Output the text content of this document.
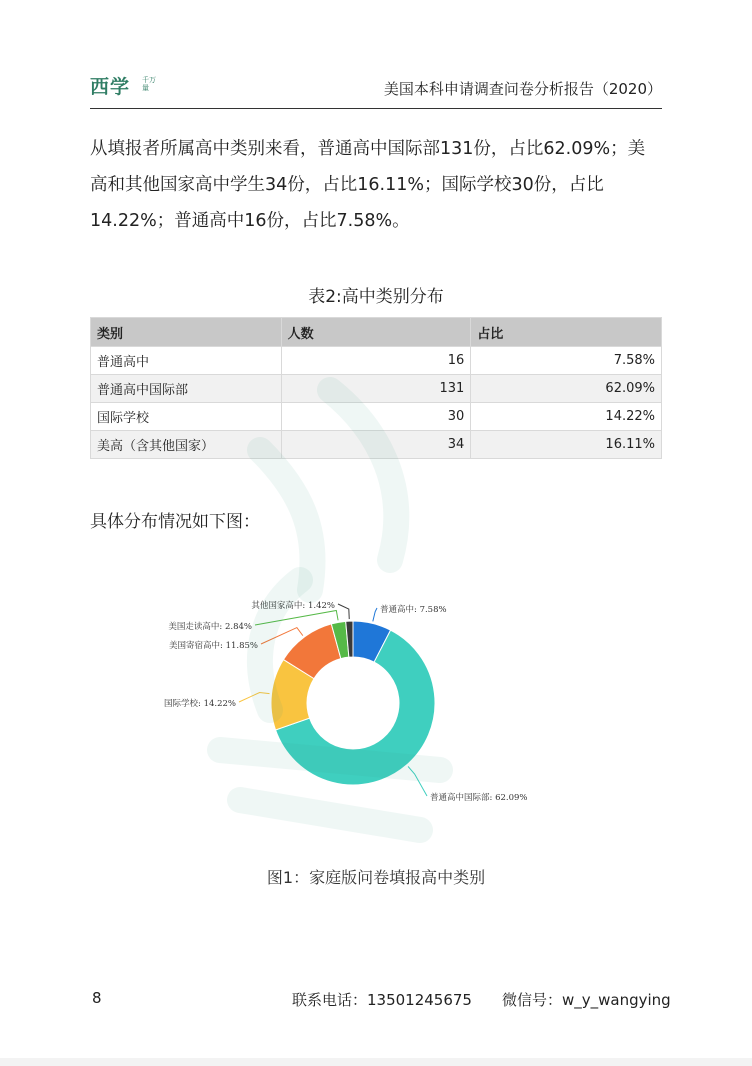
西学 千万量	美国本科申请调查问卷分析报告（2020）
从填报者所属高中类别来看，普通高中国际部131份，占比62.09%；美
高和其他国家高中学生34份，占比16.11%；国际学校30份，占比
14.22%；普通高中16份，占比7.58%。
表2:高中类别分布
类别	人数	占比
普通高中	16	7.58%
普通高中国际部	131	62.09%
国际学校	30	14.22%
美高（含其他国家）	34	16.11%
具体分布情况如下图：
普通高中: 7.58%
普通高中国际部: 62.09%
国际学校: 14.22%
美国寄宿高中: 11.85%
美国走读高中: 2.84%
其他国家高中: 1.42%
图1：家庭版问卷填报高中类别
8	联系电话：13501245675 微信号：w_y_wangying
